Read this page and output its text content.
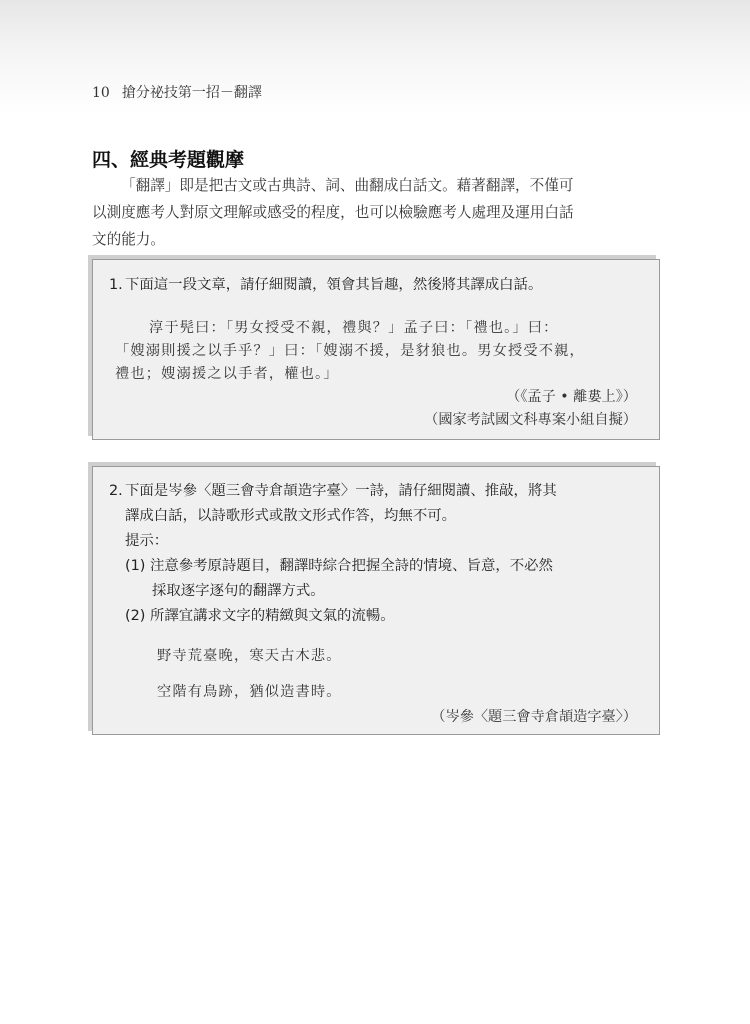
10 搶分祕技第一招－翻譯
四、經典考題觀摩

「翻譯」即是把古文或古典詩、詞、曲翻成白話文。藉著翻譯，不僅可
以測度應考人對原文理解或感受的程度，也可以檢驗應考人處理及運用白話
文的能力。

1. 下面這一段文章，請仔細閱讀，領會其旨趣，然後將其譯成白話。
淳于髡曰：「男女授受不親，禮與？」孟子曰：「禮也。」曰：
「嫂溺則援之以手乎？」曰：「嫂溺不援，是豺狼也。男女授受不親，
禮也；嫂溺援之以手者，權也。」
（《孟子 • 離婁上》）
（國家考試國文科專案小組自擬）
2. 下面是岑參〈題三會寺倉頡造字臺〉一詩，請仔細閱讀、推敲，將其
譯成白話，以詩歌形式或散文形式作答，均無不可。
提示：
(1) 注意參考原詩題目，翻譯時綜合把握全詩的情境、旨意，不必然
採取逐字逐句的翻譯方式。
(2) 所譯宜講求文字的精緻與文氣的流暢。
野寺荒臺晚，寒天古木悲。
空階有鳥跡，猶似造書時。
（岑參〈題三會寺倉頡造字臺〉）
